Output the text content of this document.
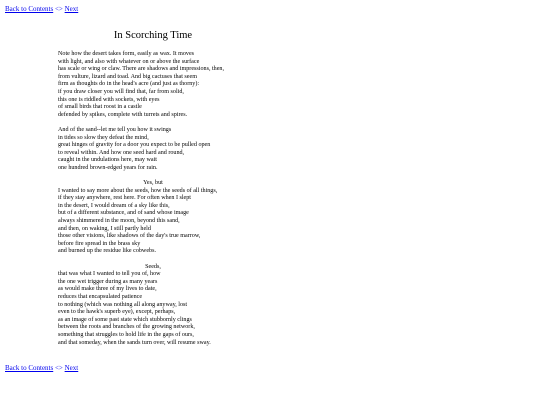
Back to Contents <> Next
In Scorching Time
Note how the desert takes form, easily as wax. It moves
with light, and also with whatever on or above the surface
has scale or wing or claw. There are shadows and impressions, then,
from vulture, lizard and toad. And big cactuses that seem
firm as thoughts do in the head's acre (and just as thorny):
if you draw closer you will find that, far from solid,
this one is riddled with sockets, with eyes
of small birds that roost in a castle
defended by spikes, complete with turrets and spires.
And of the sand--let me tell you how it swings
in tides so slow they defeat the mind,
great hinges of gravity for a door you expect to be pulled open
to reveal within. And how one seed hard and round,
caught in the undulations here, may wait
one hundred brown-edged years for rain.
Yes, but
I wanted to say more about the seeds, how the seeds of all things,
if they stay anywhere, rest here. For often when I slept
in the desert, I would dream of a sky like this,
but of a different substance, and of sand whose image
always shimmered in the moon, beyond this sand,
and then, on waking, I still partly held
those other visions, like shadows of the day's true marrow,
before fire spread in the brass sky
and burned up the residue like cobwebs.
Seeds,
that was what I wanted to tell you of, how
the one wet trigger during as many years
as would make three of my lives to date,
reduces that encapsulated patience
to nothing (which was nothing all along anyway, lost
even to the hawk's superb eye), except, perhaps,
as an image of some past state which stubbornly clings
between the roots and branches of the growing network,
something that struggles to hold life in the gaps of ours,
and that someday, when the sands turn over, will resume sway.
Back to Contents <> Next
